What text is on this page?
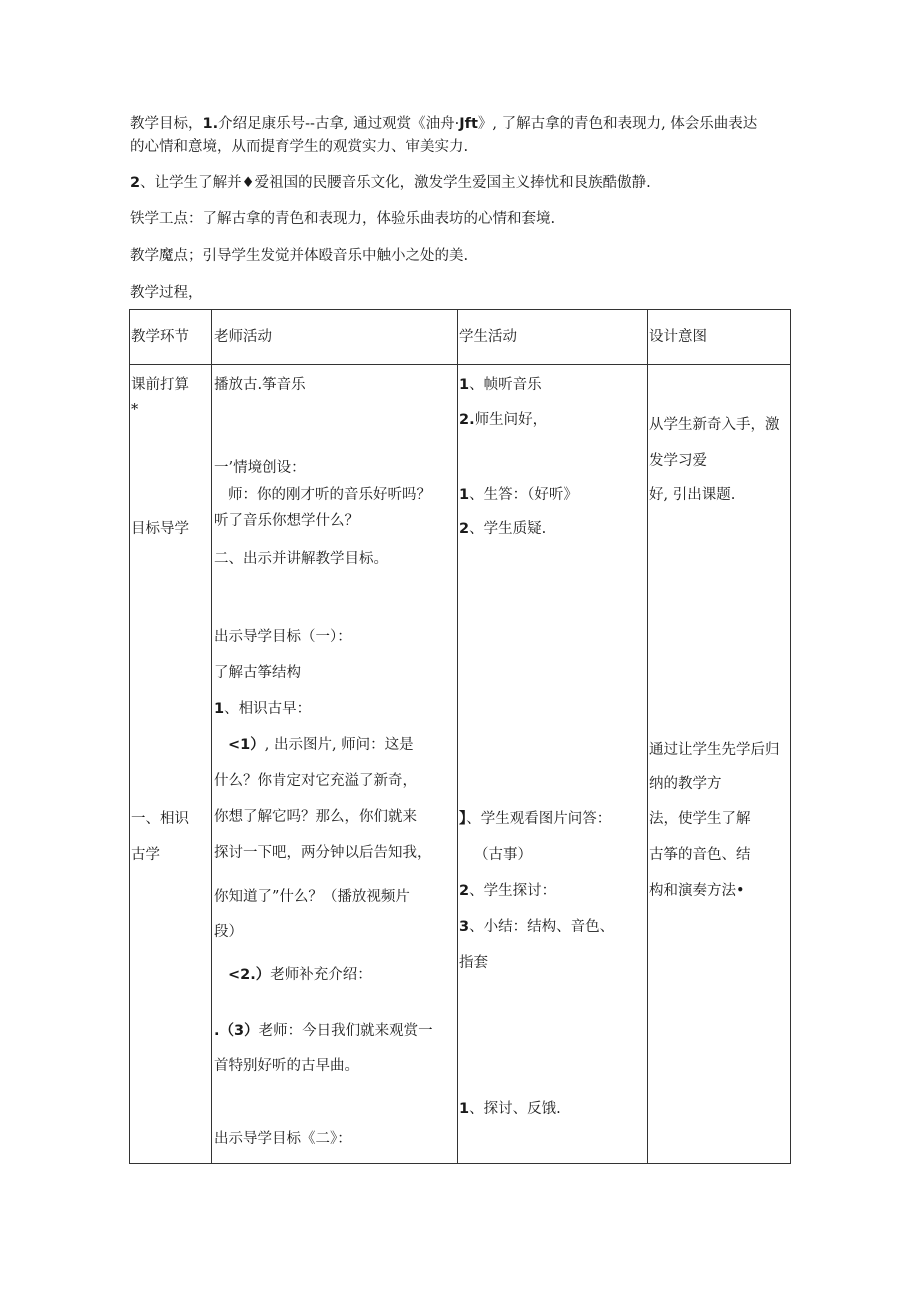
教学目标，1.介绍足康乐号--古拿, 通过观赏《油舟·Jft》, 了解古拿的青色和表现力, 体会乐曲表达

的心情和意境，从而提育学生的观赏实力、审美实力.

2、让学生了解并♦爱祖国的民腰音乐文化，激发学生爱国主义捧忧和艮族酷傲静.

铁学工点：了解古拿的青色和表现力，体验乐曲表坊的心情和套境.

教学魔点；引导学生发觉并体殴音乐中触小之处的美.

教学过程，

教学环节 老师活动	学生活动	设计意图
课前打算
*
目标导学
一、相识
古学
播放古.筝音乐
一’情境创设：
师：你的刚才听的音乐好听吗？
听了音乐你想学什么？
二、出示并讲解教学目标。
出示导学目标（一）：
了解古筝结构
1、相识古早：
<1）, 出示图片, 师问：这是
什么？你肯定对它充溢了新奇，
你想了解它吗？那么，你们就来
探讨一下吧，两分钟以后告知我，
你知道了”什么？（播放视频片
段）
<2.）老师补充介绍：
.（3）老师：今日我们就来观赏一
首特别好听的古早曲。
出示导学目标《二》：
1、帧听音乐
2.师生问好，
1、生答：（好听》
2、学生质疑.
】、学生观看图片问答：
（古事）
2、学生探讨：
3、小结：结构、音色、
指套
1、探讨、反饿.
从学生新奇入手，激
发学习爱
好, 引出课题.
通过让学生先学后归
纳的教学方
法，使学生了解
古筝的音色、结
构和演奏方法•
